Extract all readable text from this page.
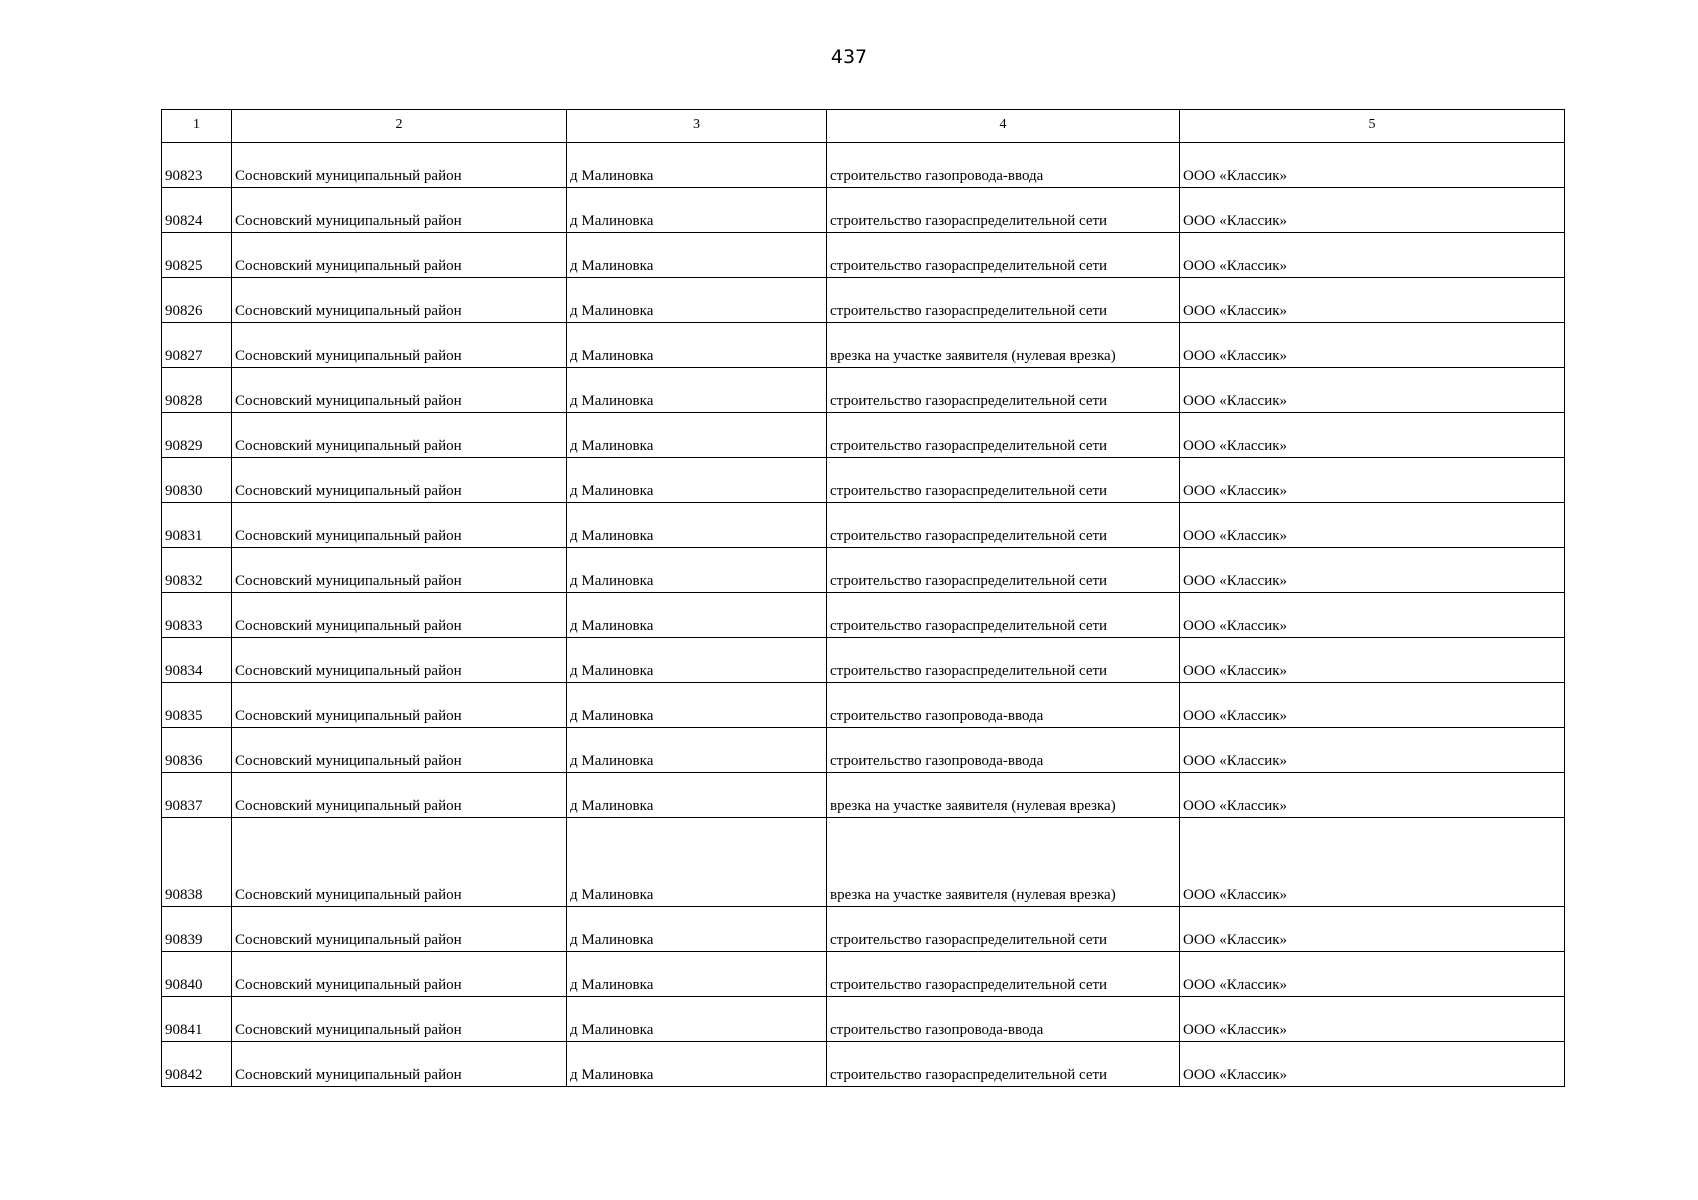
437
1	2	3	4	5
90823	Сосновский муниципальный район	д Малиновка	строительство газопровода-ввода	ООО «Классик»
90824	Сосновский муниципальный район	д Малиновка	строительство газораспределительной сети	ООО «Классик»
90825	Сосновский муниципальный район	д Малиновка	строительство газораспределительной сети	ООО «Классик»
90826	Сосновский муниципальный район	д Малиновка	строительство газораспределительной сети	ООО «Классик»
90827	Сосновский муниципальный район	д Малиновка	врезка на участке заявителя (нулевая врезка)	ООО «Классик»
90828	Сосновский муниципальный район	д Малиновка	строительство газораспределительной сети	ООО «Классик»
90829	Сосновский муниципальный район	д Малиновка	строительство газораспределительной сети	ООО «Классик»
90830	Сосновский муниципальный район	д Малиновка	строительство газораспределительной сети	ООО «Классик»
90831	Сосновский муниципальный район	д Малиновка	строительство газораспределительной сети	ООО «Классик»
90832	Сосновский муниципальный район	д Малиновка	строительство газораспределительной сети	ООО «Классик»
90833	Сосновский муниципальный район	д Малиновка	строительство газораспределительной сети	ООО «Классик»
90834	Сосновский муниципальный район	д Малиновка	строительство газораспределительной сети	ООО «Классик»
90835	Сосновский муниципальный район	д Малиновка	строительство газопровода-ввода	ООО «Классик»
90836	Сосновский муниципальный район	д Малиновка	строительство газопровода-ввода	ООО «Классик»
90837	Сосновский муниципальный район	д Малиновка	врезка на участке заявителя (нулевая врезка)	ООО «Классик»
90838	Сосновский муниципальный район	д Малиновка	врезка на участке заявителя (нулевая врезка)	ООО «Классик»
90839	Сосновский муниципальный район	д Малиновка	строительство газораспределительной сети	ООО «Классик»
90840	Сосновский муниципальный район	д Малиновка	строительство газораспределительной сети	ООО «Классик»
90841	Сосновский муниципальный район	д Малиновка	строительство газопровода-ввода	ООО «Классик»
90842	Сосновский муниципальный район	д Малиновка	строительство газораспределительной сети	ООО «Классик»
